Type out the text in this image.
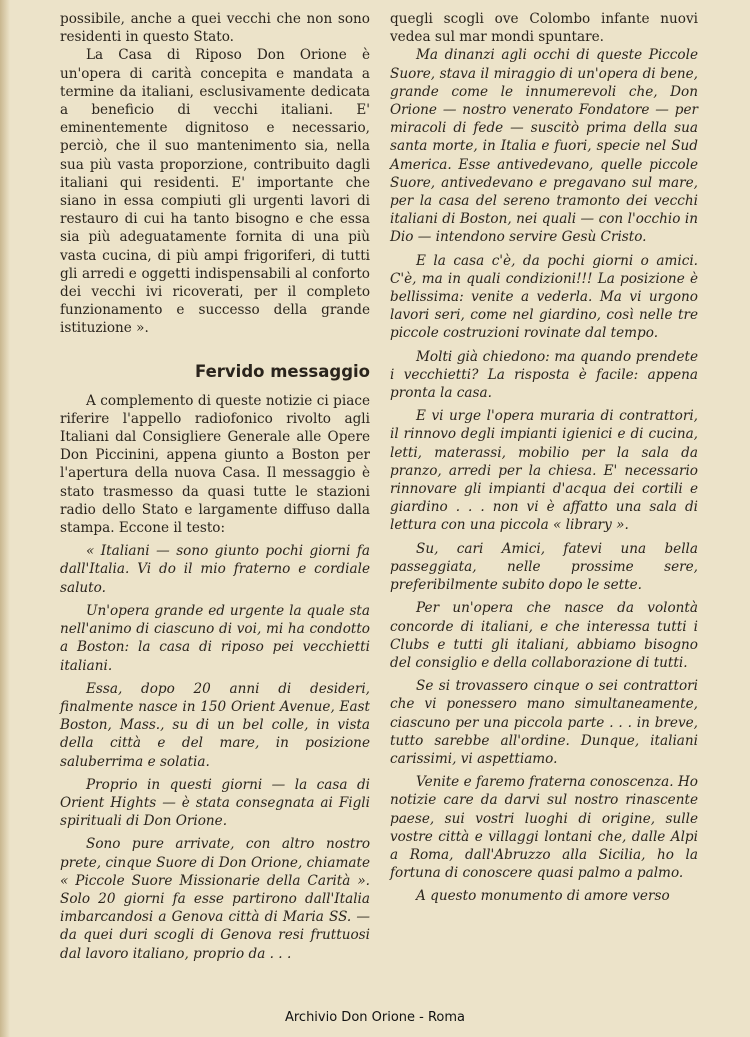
possibile, anche a quei vecchi che non sono residenti in questo Stato.

La Casa di Riposo Don Orione è un'opera di carità concepita e mandata a termine da italiani, esclusivamente dedicata a beneficio di vecchi italiani. E' eminentemente dignitoso e necessario, perciò, che il suo mantenimento sia, nella sua più vasta proporzione, contribuito dagli italiani qui residenti. E' importante che siano in essa compiuti gli urgenti lavori di restauro di cui ha tanto bisogno e che essa sia più adeguatamente fornita di una più vasta cucina, di più ampi frigoriferi, di tutti gli arredi e oggetti indispensabili al conforto dei vecchi ivi ricoverati, per il completo funzionamento e successo della grande istituzione ».

Fervido messaggio

A complemento di queste notizie ci piace riferire l'appello radiofonico rivolto agli Italiani dal Consigliere Generale alle Opere Don Piccinini, appena giunto a Boston per l'apertura della nuova Casa. Il messaggio è stato trasmesso da quasi tutte le stazioni radio dello Stato e largamente diffuso dalla stampa. Eccone il testo:

« Italiani — sono giunto pochi giorni fa dall'Italia. Vi do il mio fraterno e cordiale saluto.

Un'opera grande ed urgente la quale sta nell'animo di ciascuno di voi, mi ha condotto a Boston: la casa di riposo pei vecchietti italiani.

Essa, dopo 20 anni di desideri, finalmente nasce in 150 Orient Avenue, East Boston, Mass., su di un bel colle, in vista della città e del mare, in posizione saluberrima e solatia.

Proprio in questi giorni — la casa di Orient Hights — è stata consegnata ai Figli spirituali di Don Orione.

Sono pure arrivate, con altro nostro prete, cinque Suore di Don Orione, chiamate « Piccole Suore Missionarie della Carità ». Solo 20 giorni fa esse partirono dall'Italia imbarcandosi a Genova città di Maria SS. — da quei duri scogli di Genova resi fruttuosi dal lavoro italiano, proprio da . . .

quegli scogli ove Colombo infante nuovi vedea sul mar mondi spuntare.

Ma dinanzi agli occhi di queste Piccole Suore, stava il miraggio di un'opera di bene, grande come le innumerevoli che, Don Orione — nostro venerato Fondatore — per miracoli di fede — suscitò prima della sua santa morte, in Italia e fuori, specie nel Sud America. Esse antivedevano, quelle piccole Suore, antivedevano e pregavano sul mare, per la casa del sereno tramonto dei vecchi italiani di Boston, nei quali — con l'occhio in Dio — intendono servire Gesù Cristo.

E la casa c'è, da pochi giorni o amici. C'è, ma in quali condizioni!!! La posizione è bellissima: venite a vederla. Ma vi urgono lavori seri, come nel giardino, così nelle tre piccole costruzioni rovinate dal tempo.

Molti già chiedono: ma quando prendete i vecchietti? La risposta è facile: appena pronta la casa.

E vi urge l'opera muraria di contrattori, il rinnovo degli impianti igienici e di cucina, letti, materassi, mobilio per la sala da pranzo, arredi per la chiesa. E' necessario rinnovare gli impianti d'acqua dei cortili e giardino . . . non vi è affatto una sala di lettura con una piccola « library ».

Su, cari Amici, fatevi una bella passeggiata, nelle prossime sere, preferibilmente subito dopo le sette.

Per un'opera che nasce da volontà concorde di italiani, e che interessa tutti i Clubs e tutti gli italiani, abbiamo bisogno del consiglio e della collaborazione di tutti.

Se si trovassero cinque o sei contrattori che vi ponessero mano simultaneamente, ciascuno per una piccola parte . . . in breve, tutto sarebbe all'ordine. Dunque, italiani carissimi, vi aspettiamo.

Venite e faremo fraterna conoscenza. Ho notizie care da darvi sul nostro rinascente paese, sui vostri luoghi di origine, sulle vostre città e villaggi lontani che, dalle Alpi a Roma, dall'Abruzzo alla Sicilia, ho la fortuna di conoscere quasi palmo a palmo.

A questo monumento di amore verso

Archivio Don Orione - Roma
